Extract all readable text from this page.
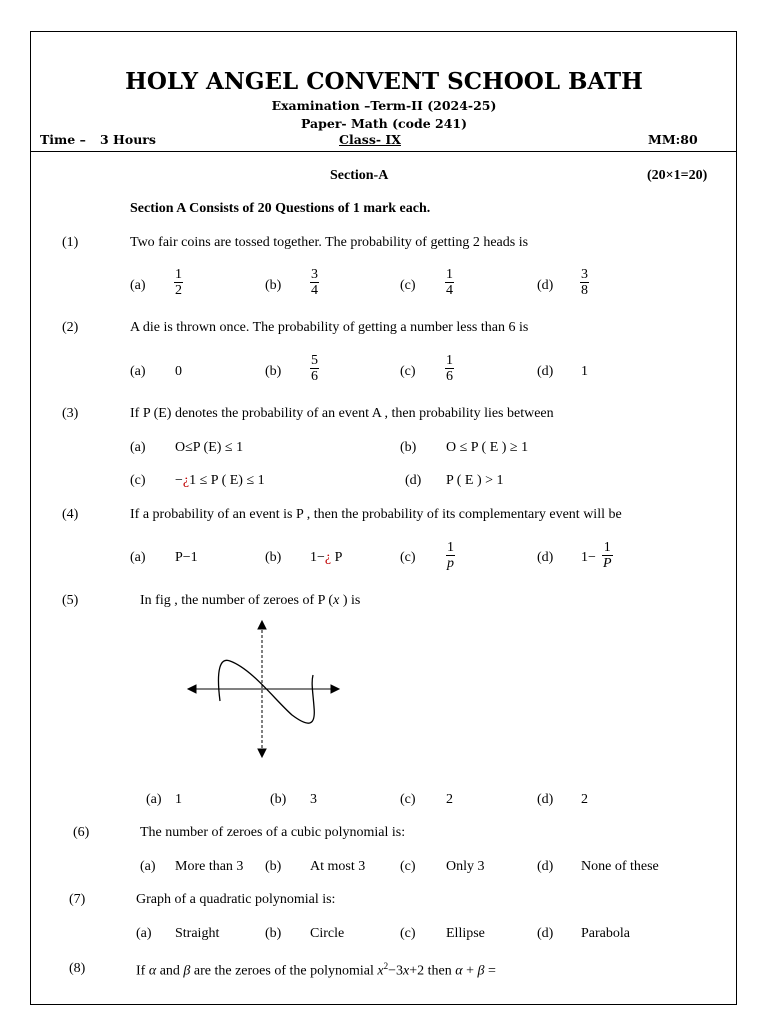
HOLY ANGEL CONVENT SCHOOL BATH
Examination –Term-II (2024-25)
Paper- Math (code 241)
Time – 3 Hours	Class- IX	MM:80
Section-A	(20×1=20)
Section A Consists of 20 Questions of 1 mark each.
(1)	Two fair coins are tossed together. The probability of getting 2 heads is
$(a) \frac{1}{2}$	$(b) \frac{3}{4}$	$(c) \frac{1}{4}$	$(d) \frac{3}{8}$
(2)	A die is thrown once. The probability of getting a number less than 6 is
(a) 0	$(b) \frac{5}{6}$	$(c) \frac{1}{6}$	(d) 1
(3)	If P (E) denotes the probability of an event A , then probability lies between
(a) O≤P (E) ≤ 1	(b) O ≤ P ( E ) ≥ 1
(c) −¿1 ≤ P ( E) ≤ 1	(d) P ( E ) > 1
(4)	If a probability of an event is P , then the probability of its complementary event will be
(a) P−1	(b) 1−¿ P	$(c) \frac{1}{p}$	(d) $1- \frac{1}{P}$
(5)	In fig , the number of zeroes of P (x ) is
(a) 1	(b) 3	(c) 2	(d) 2
(6)	The number of zeroes of a cubic polynomial is:
(a) More than 3 (b) At most 3 (c) Only 3	(d) None of these
(7)	Graph of a quadratic polynomial is:
(a) Straight	(b) Circle	(c) Ellipse	(d) Parabola
(8)	If α and β are the zeroes of the polynomial $x^2-3x+2$ then α + β =
